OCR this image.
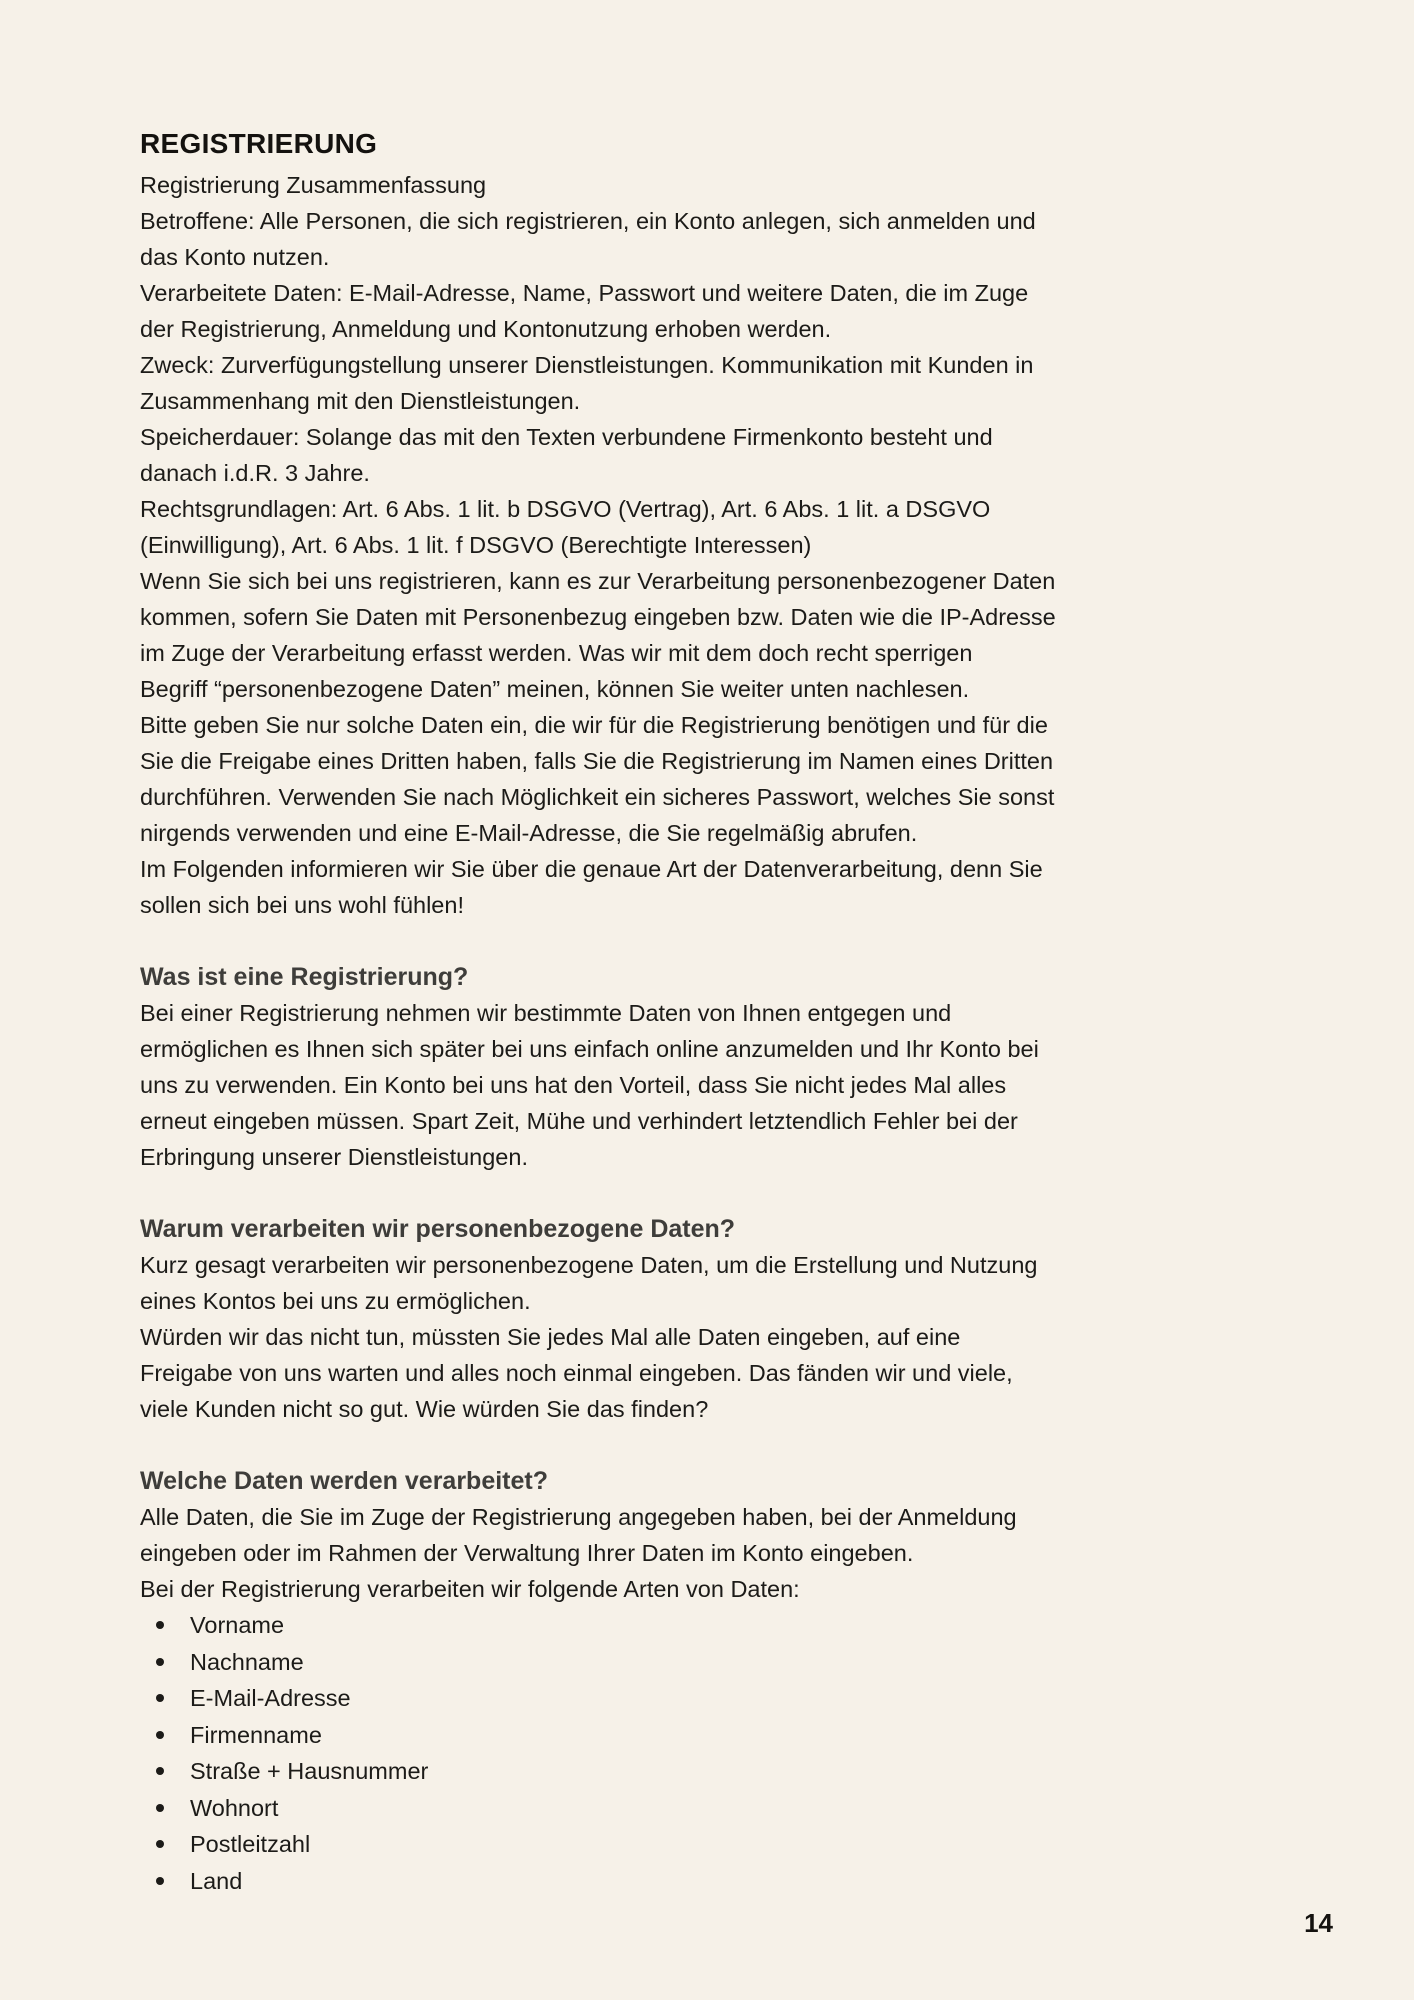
REGISTRIERUNG
Registrierung Zusammenfassung
Betroffene: Alle Personen, die sich registrieren, ein Konto anlegen, sich anmelden und
das Konto nutzen.
Verarbeitete Daten: E-Mail-Adresse, Name, Passwort und weitere Daten, die im Zuge
der Registrierung, Anmeldung und Kontonutzung erhoben werden.
Zweck: Zurverfügungstellung unserer Dienstleistungen. Kommunikation mit Kunden in
Zusammenhang mit den Dienstleistungen.
Speicherdauer: Solange das mit den Texten verbundene Firmenkonto besteht und
danach i.d.R. 3 Jahre.
Rechtsgrundlagen: Art. 6 Abs. 1 lit. b DSGVO (Vertrag), Art. 6 Abs. 1 lit. a DSGVO
(Einwilligung), Art. 6 Abs. 1 lit. f DSGVO (Berechtigte Interessen)
Wenn Sie sich bei uns registrieren, kann es zur Verarbeitung personenbezogener Daten
kommen, sofern Sie Daten mit Personenbezug eingeben bzw. Daten wie die IP-Adresse
im Zuge der Verarbeitung erfasst werden. Was wir mit dem doch recht sperrigen
Begriff “personenbezogene Daten” meinen, können Sie weiter unten nachlesen.
Bitte geben Sie nur solche Daten ein, die wir für die Registrierung benötigen und für die
Sie die Freigabe eines Dritten haben, falls Sie die Registrierung im Namen eines Dritten
durchführen. Verwenden Sie nach Möglichkeit ein sicheres Passwort, welches Sie sonst
nirgends verwenden und eine E-Mail-Adresse, die Sie regelmäßig abrufen.
Im Folgenden informieren wir Sie über die genaue Art der Datenverarbeitung, denn Sie
sollen sich bei uns wohl fühlen!
Was ist eine Registrierung?
Bei einer Registrierung nehmen wir bestimmte Daten von Ihnen entgegen und
ermöglichen es Ihnen sich später bei uns einfach online anzumelden und Ihr Konto bei
uns zu verwenden. Ein Konto bei uns hat den Vorteil, dass Sie nicht jedes Mal alles
erneut eingeben müssen. Spart Zeit, Mühe und verhindert letztendlich Fehler bei der
Erbringung unserer Dienstleistungen.
Warum verarbeiten wir personenbezogene Daten?
Kurz gesagt verarbeiten wir personenbezogene Daten, um die Erstellung und Nutzung
eines Kontos bei uns zu ermöglichen.
Würden wir das nicht tun, müssten Sie jedes Mal alle Daten eingeben, auf eine
Freigabe von uns warten und alles noch einmal eingeben. Das fänden wir und viele,
viele Kunden nicht so gut. Wie würden Sie das finden?
Welche Daten werden verarbeitet?
Alle Daten, die Sie im Zuge der Registrierung angegeben haben, bei der Anmeldung
eingeben oder im Rahmen der Verwaltung Ihrer Daten im Konto eingeben.
Bei der Registrierung verarbeiten wir folgende Arten von Daten:
Vorname
Nachname
E-Mail-Adresse
Firmenname
Straße + Hausnummer
Wohnort
Postleitzahl
Land
14
